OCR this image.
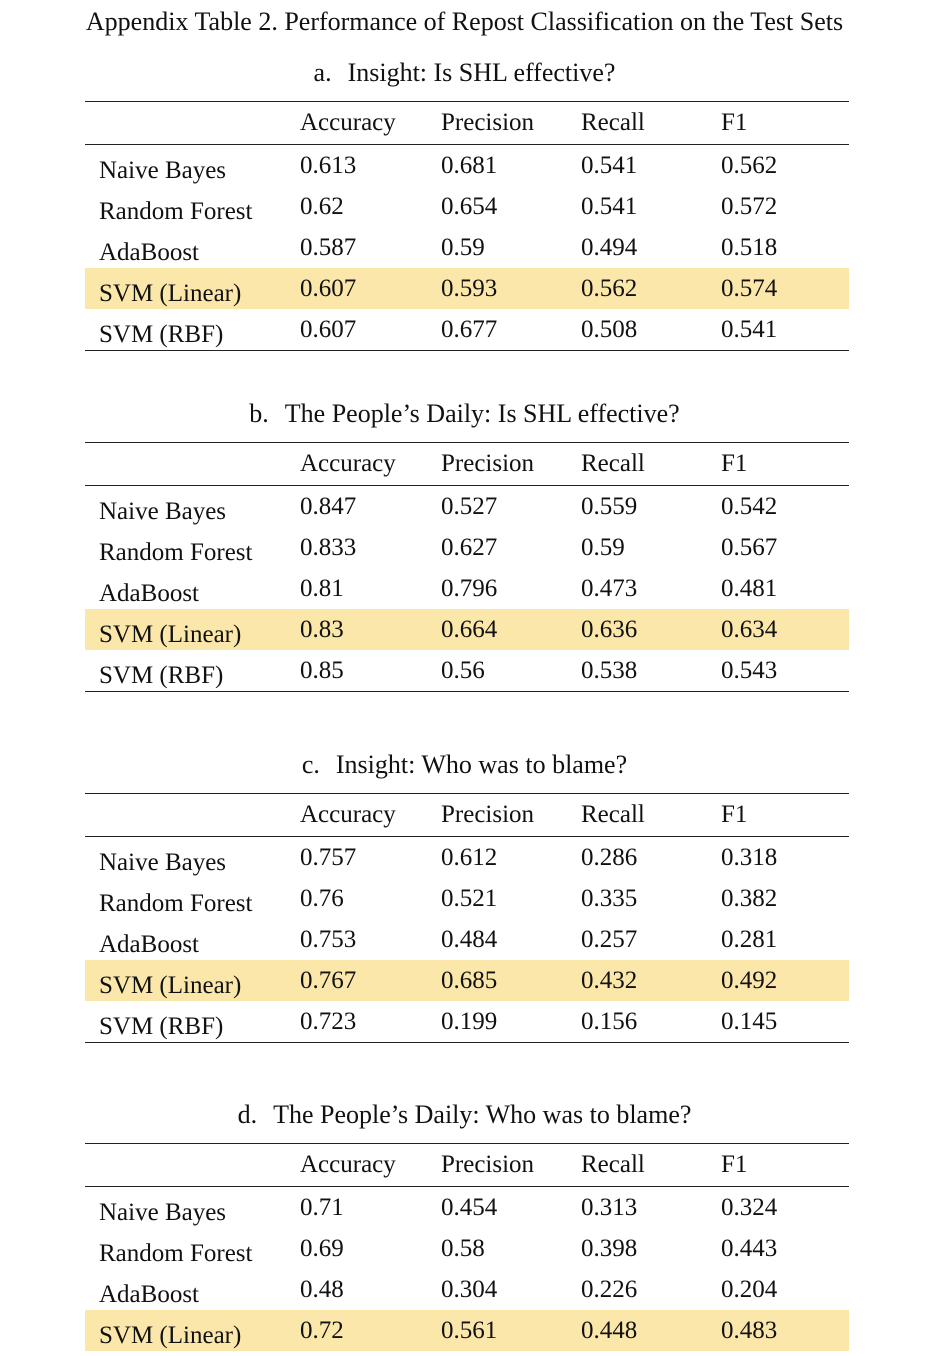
Appendix Table 2. Performance of Repost Classification on the Test Sets
a. Insight: Is SHL effective?
Accuracy Precision Recall	F1
Naive Bayes	0.613	0.681	0.541	0.562
Random Forest 0.62	0.654	0.541	0.572
AdaBoost	0.587	0.59	0.494	0.518
SVM (Linear) 0.607	0.593	0.562	0.574
SVM (RBF)	0.607	0.677	0.508	0.541
b. The People’s Daily: Is SHL effective?
Accuracy Precision Recall	F1
Naive Bayes	0.847	0.527	0.559	0.542
Random Forest 0.833	0.627	0.59	0.567
AdaBoost	0.81	0.796	0.473	0.481
SVM (Linear) 0.83	0.664	0.636	0.634
SVM (RBF)	0.85	0.56	0.538	0.543
c. Insight: Who was to blame?
Accuracy Precision Recall	F1
Naive Bayes	0.757	0.612	0.286	0.318
Random Forest 0.76	0.521	0.335	0.382
AdaBoost	0.753	0.484	0.257	0.281
SVM (Linear) 0.767	0.685	0.432	0.492
SVM (RBF)	0.723	0.199	0.156	0.145
d. The People’s Daily: Who was to blame?
Accuracy Precision Recall	F1
Naive Bayes	0.71	0.454	0.313	0.324
Random Forest 0.69	0.58	0.398	0.443
AdaBoost	0.48	0.304	0.226	0.204
SVM (Linear) 0.72	0.561	0.448	0.483
